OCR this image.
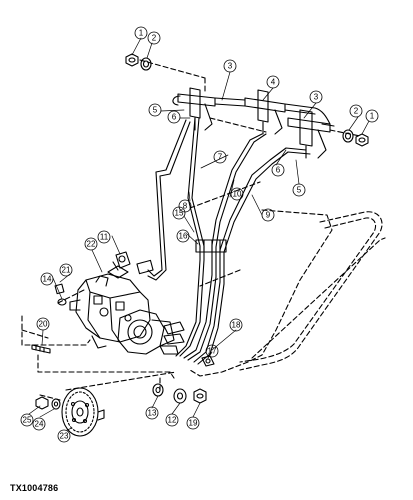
1
2
3
4
3
2
1
5
6
7
6
5
8
10
9
15
16
11
22
21
14
20	18
17
13
12 19
25 24
23
TX1004786
